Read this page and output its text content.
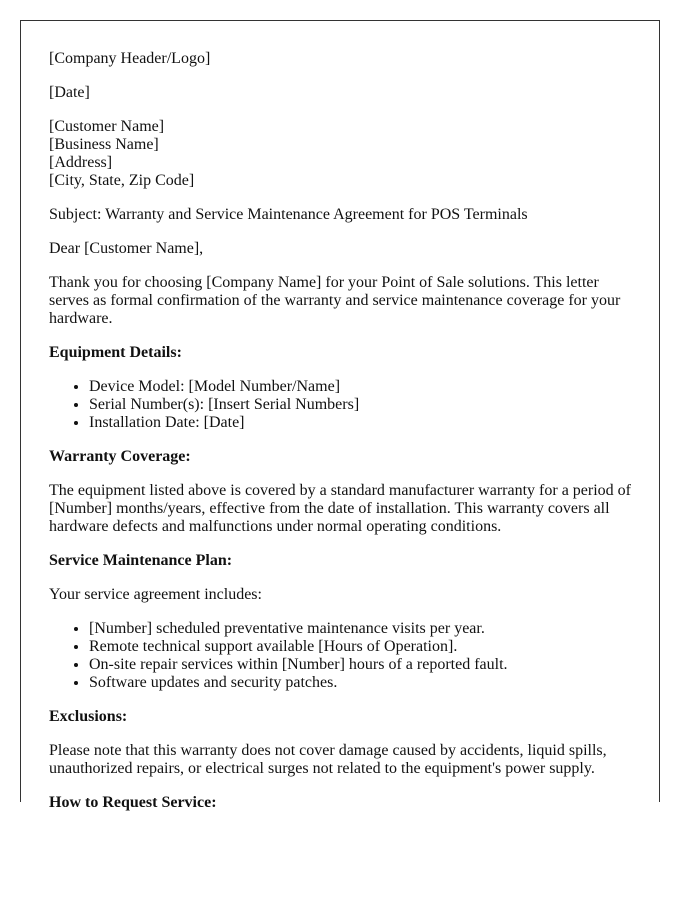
[Company Header/Logo]

[Date]

[Customer Name]
[Business Name]
[Address]
[City, State, Zip Code]

Subject: Warranty and Service Maintenance Agreement for POS Terminals

Dear [Customer Name],

Thank you for choosing [Company Name] for your Point of Sale solutions. This letter serves as formal confirmation of the warranty and service maintenance coverage for your hardware.

Equipment Details:

• Device Model: [Model Number/Name]
• Serial Number(s): [Insert Serial Numbers]
• Installation Date: [Date]

Warranty Coverage:

The equipment listed above is covered by a standard manufacturer warranty for a period of [Number] months/years, effective from the date of installation. This warranty covers all hardware defects and malfunctions under normal operating conditions.

Service Maintenance Plan:

Your service agreement includes:

• [Number] scheduled preventative maintenance visits per year.
• Remote technical support available [Hours of Operation].
• On-site repair services within [Number] hours of a reported fault.
• Software updates and security patches.

Exclusions:

Please note that this warranty does not cover damage caused by accidents, liquid spills, unauthorized repairs, or electrical surges not related to the equipment's power supply.

How to Request Service:
